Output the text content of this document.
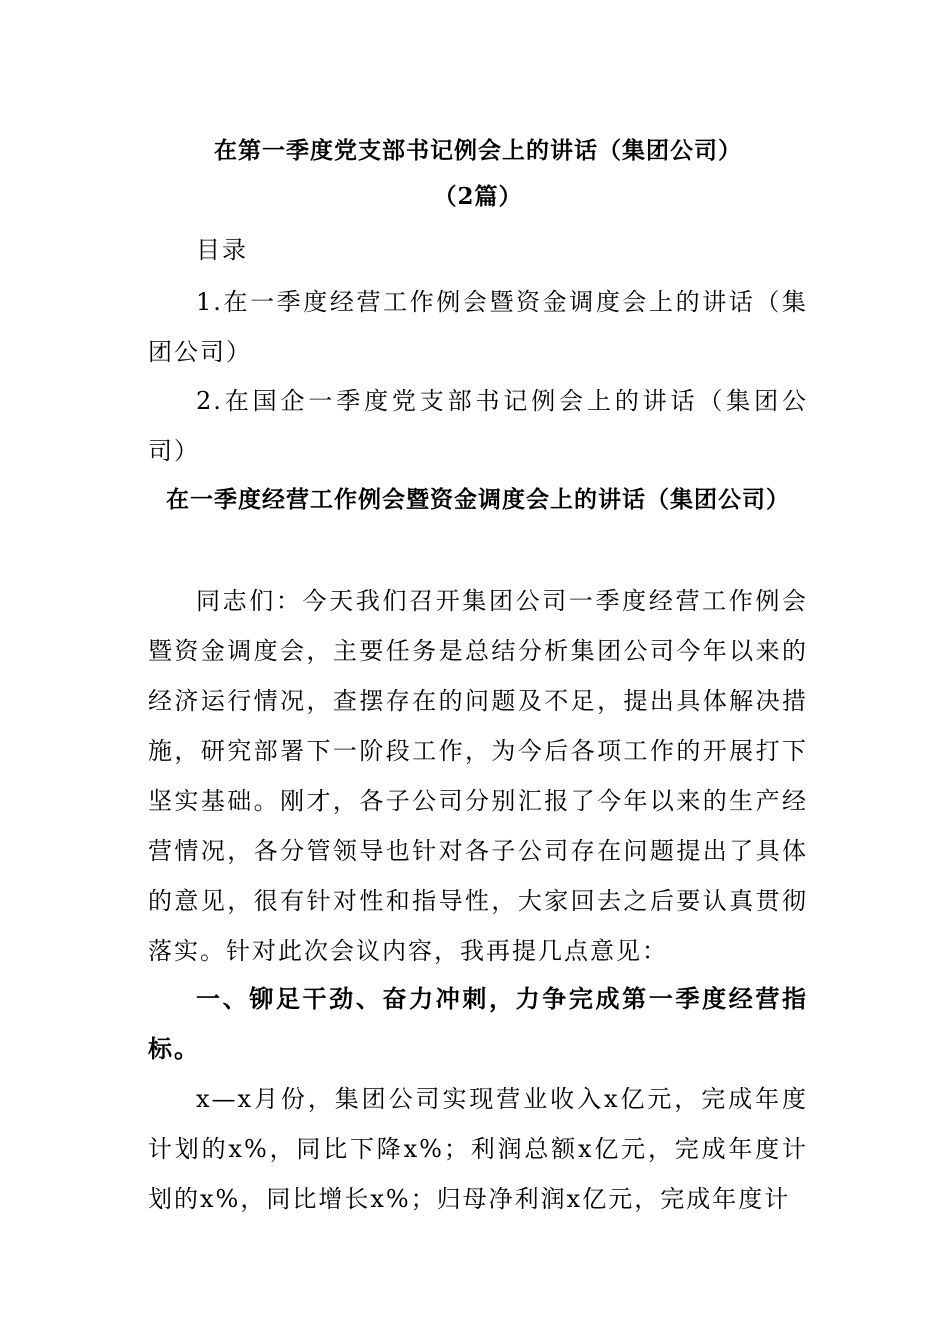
在第一季度党支部书记例会上的讲话（集团公司）
（2篇）
目录
1.在一季度经营工作例会暨资金调度会上的讲话（集团公司）
2.在国企一季度党支部书记例会上的讲话（集团公司）
在一季度经营工作例会暨资金调度会上的讲话（集团公司）
同志们：今天我们召开集团公司一季度经营工作例会暨资金调度会，主要任务是总结分析集团公司今年以来的经济运行情况，查摆存在的问题及不足，提出具体解决措施，研究部署下一阶段工作，为今后各项工作的开展打下坚实基础。刚才，各子公司分别汇报了今年以来的生产经营情况，各分管领导也针对各子公司存在问题提出了具体的意见，很有针对性和指导性，大家回去之后要认真贯彻落实。针对此次会议内容，我再提几点意见：
一、铆足干劲、奋力冲刺，力争完成第一季度经营指标。
x—x月份，集团公司实现营业收入x亿元，完成年度计划的x%，同比下降x%；利润总额x亿元，完成年度计划的x%，同比增长x%；归母净利润x亿元，完成年度计
